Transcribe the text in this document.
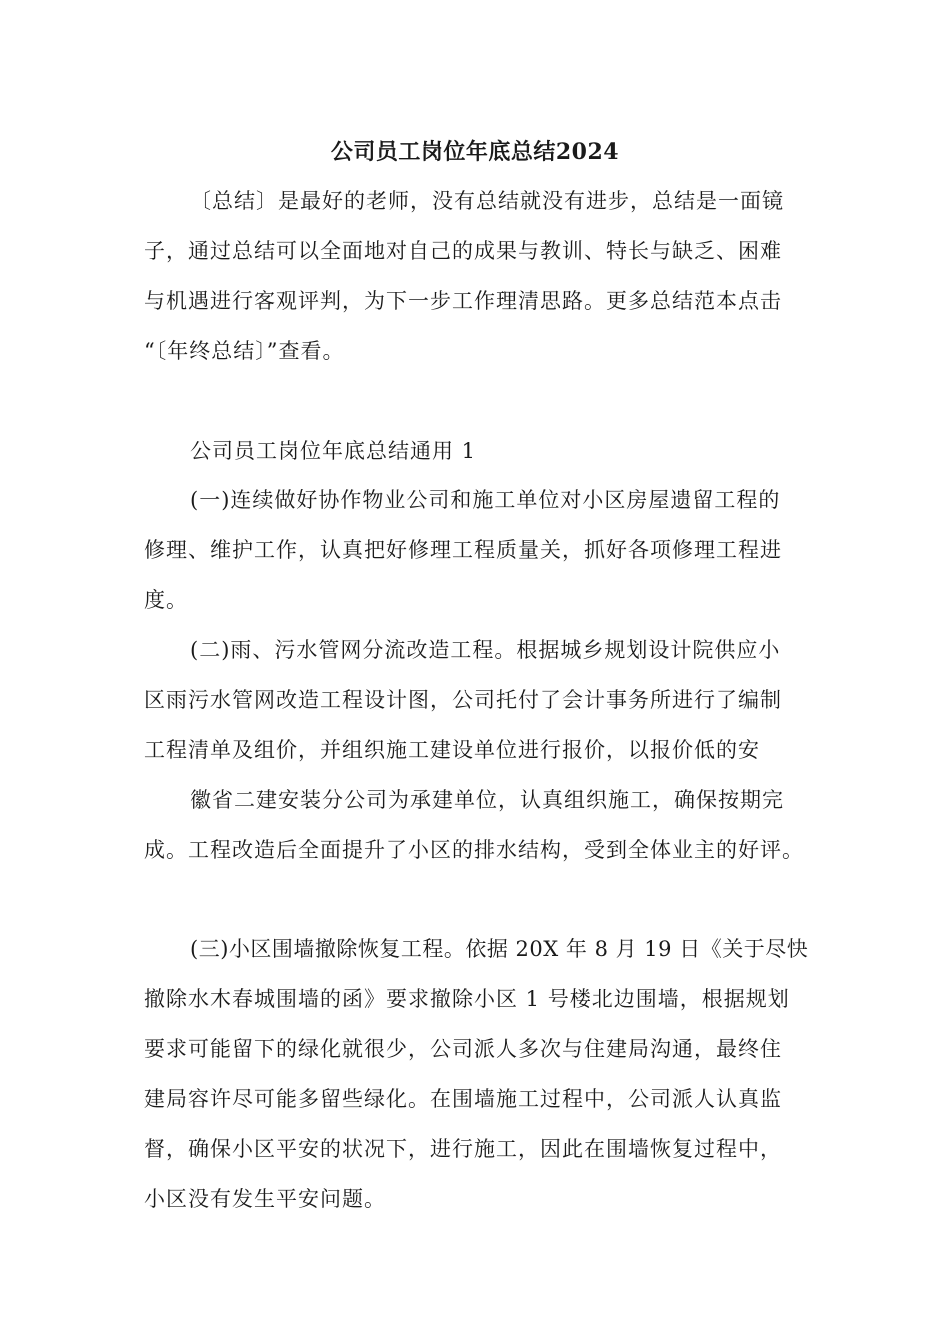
公司员工岗位年底总结2024
〔总结〕是最好的老师，没有总结就没有进步，总结是一面镜
子，通过总结可以全面地对自己的成果与教训、特长与缺乏、困难
与机遇进行客观评判，为下一步工作理清思路。更多总结范本点击
“〔年终总结〕”查看。
公司员工岗位年底总结通用 1
(一)连续做好协作物业公司和施工单位对小区房屋遗留工程的
修理、维护工作，认真把好修理工程质量关，抓好各项修理工程进
度。
(二)雨、污水管网分流改造工程。根据城乡规划设计院供应小
区雨污水管网改造工程设计图，公司托付了会计事务所进行了编制
工程清单及组价，并组织施工建设单位进行报价，以报价低的安
徽省二建安装分公司为承建单位，认真组织施工，确保按期完
成。工程改造后全面提升了小区的排水结构，受到全体业主的好评。
(三)小区围墙撤除恢复工程。依据 20X 年 8 月 19 日《关于尽快
撤除水木春城围墙的函》要求撤除小区 1 号楼北边围墙，根据规划
要求可能留下的绿化就很少，公司派人多次与住建局沟通，最终住
建局容许尽可能多留些绿化。在围墙施工过程中，公司派人认真监
督，确保小区平安的状况下，进行施工，因此在围墙恢复过程中，
小区没有发生平安问题。
